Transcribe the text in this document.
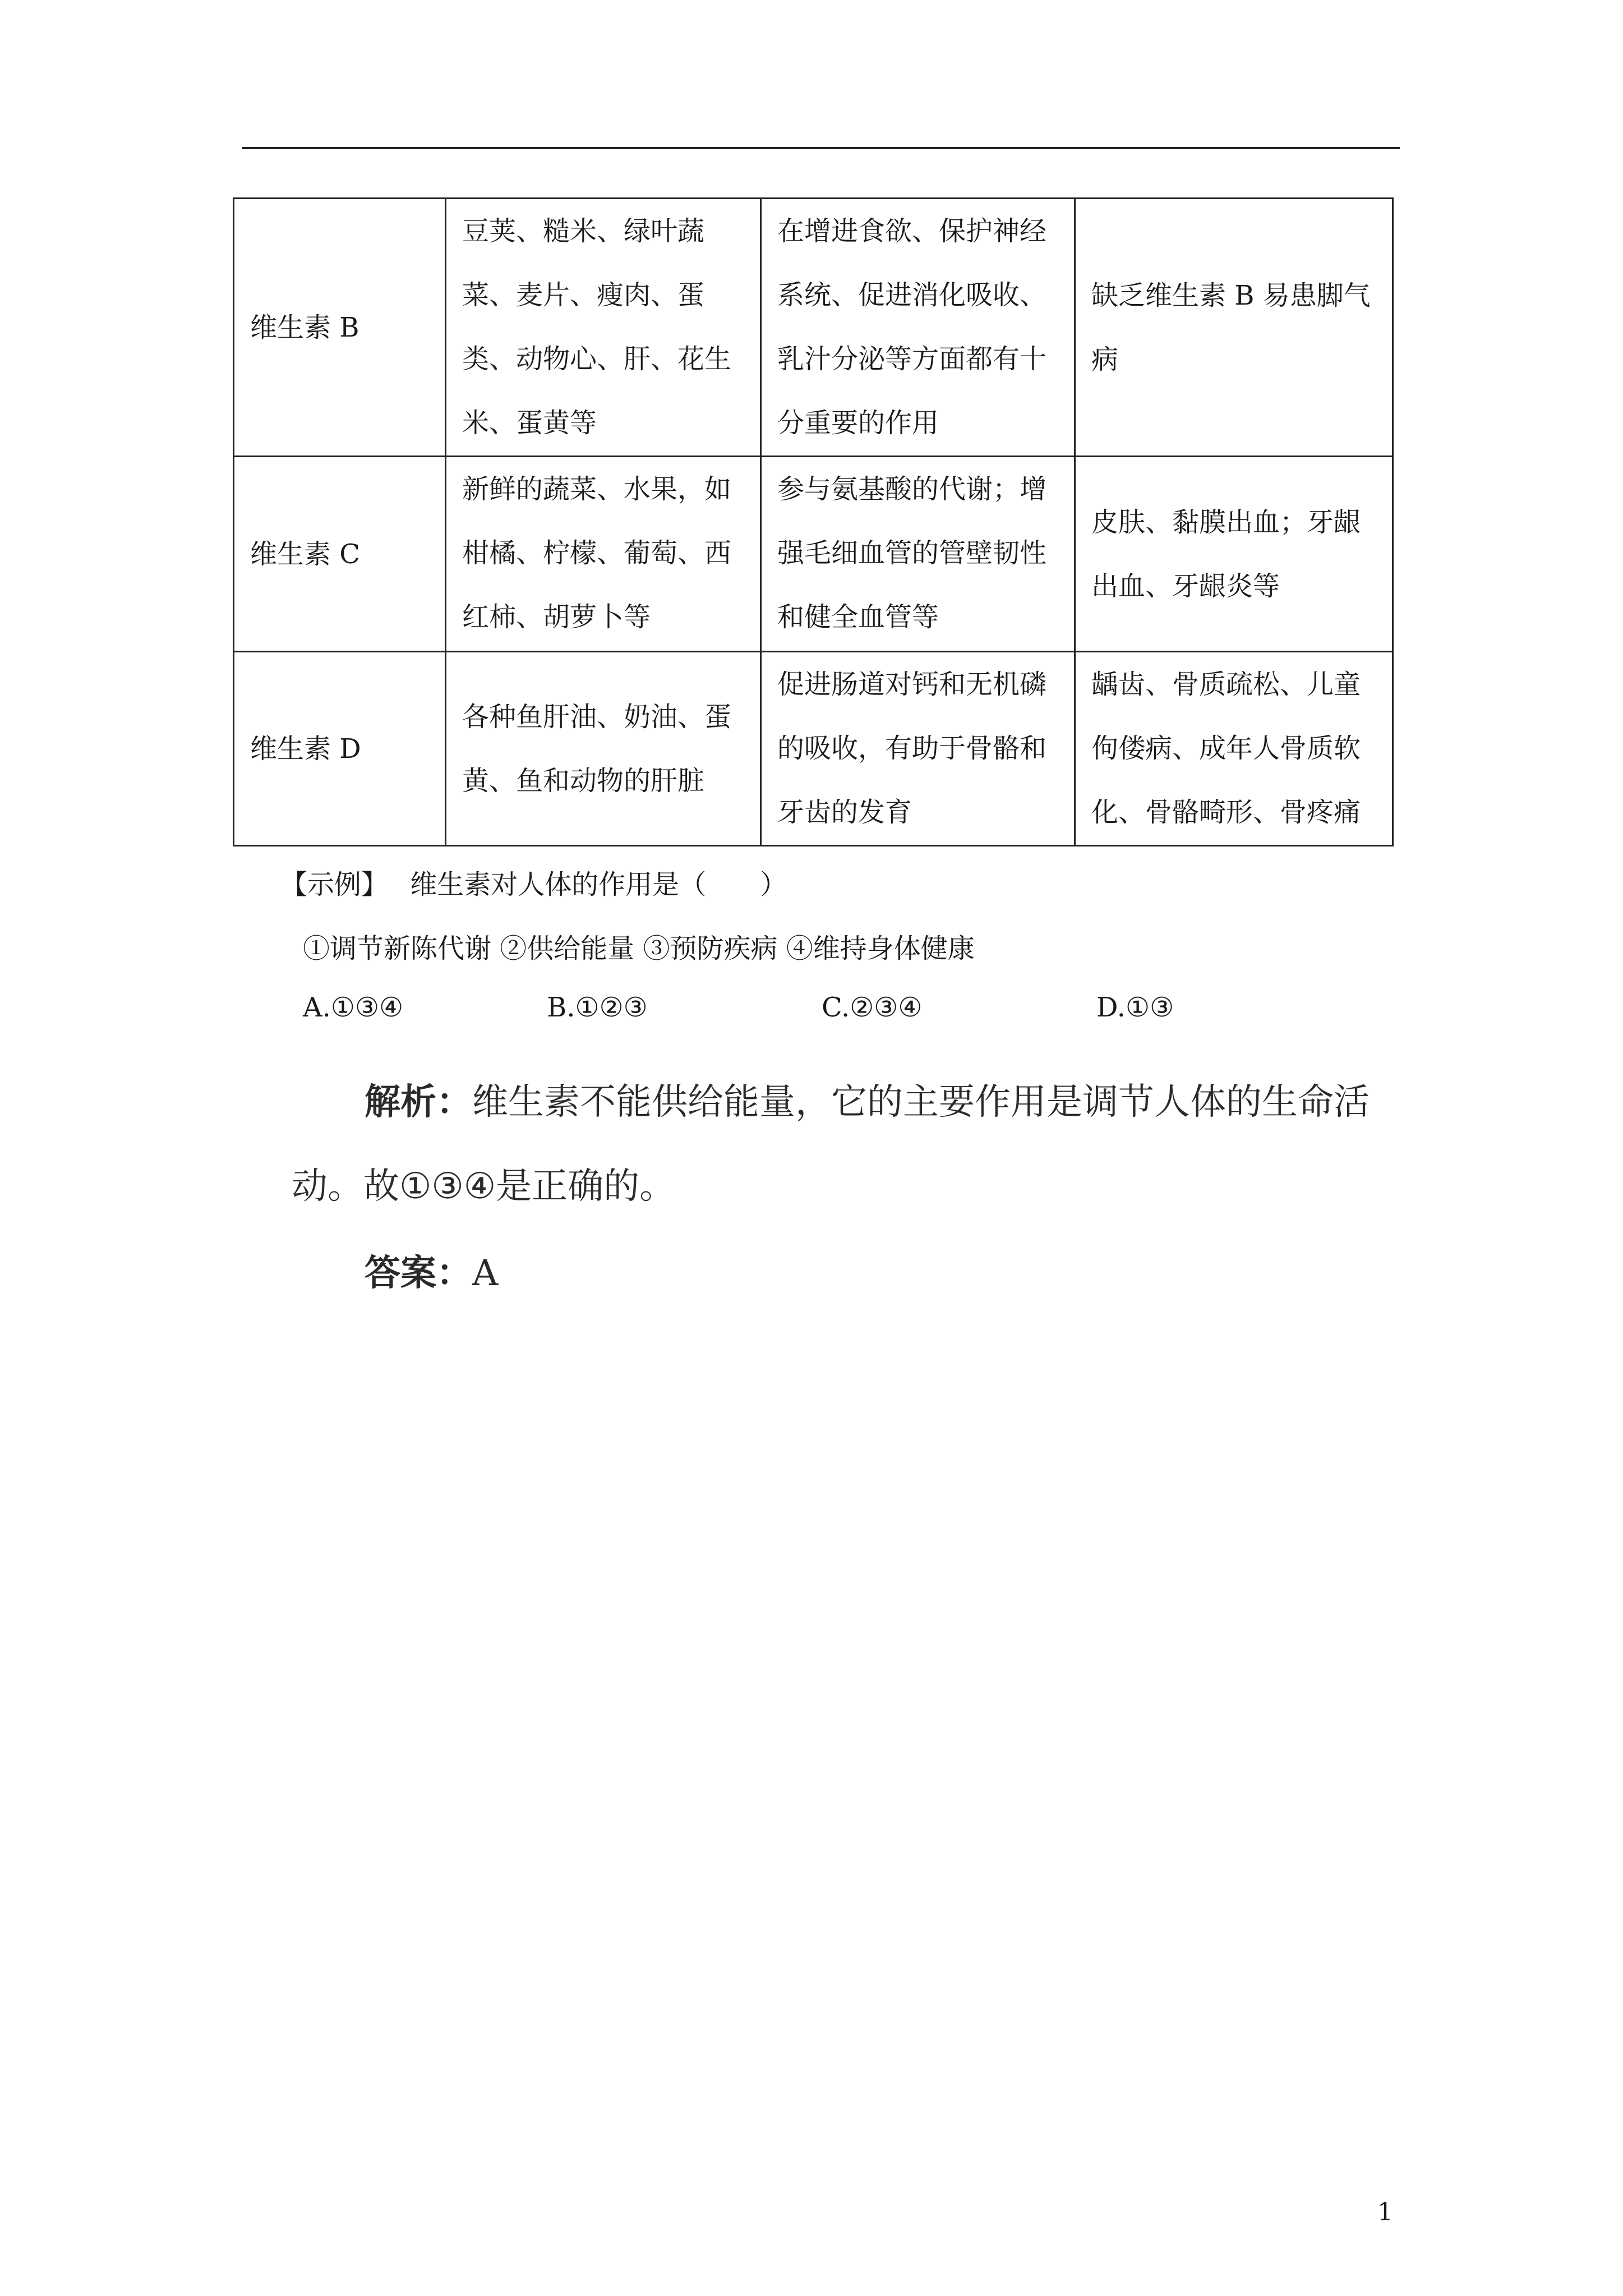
维生素 B	豆荚、糙米、绿叶蔬菜、麦片、瘦肉、蛋类、动物心、肝、花生米、蛋黄等	在增进食欲、保护神经系统、促进消化吸收、乳汁分泌等方面都有十分重要的作用	缺乏维生素 B 易患脚气病
维生素 C	新鲜的蔬菜、水果，如柑橘、柠檬、葡萄、西红柿、胡萝卜等	参与氨基酸的代谢；增强毛细血管的管壁韧性和健全血管等	皮肤、黏膜出血；牙龈出血、牙龈炎等
维生素 D	各种鱼肝油、奶油、蛋黄、鱼和动物的肝脏	促进肠道对钙和无机磷的吸收，有助于骨骼和牙齿的发育	龋齿、骨质疏松、儿童佝偻病、成年人骨质软化、骨骼畸形、骨疼痛
【示例】 维生素对人体的作用是（　　）
①调节新陈代谢 ②供给能量 ③预防疾病 ④维持身体健康
A.①③④	B.①②③	C.②③④	D.①③
解析：维生素不能供给能量，它的主要作用是调节人体的生命活
动。故①③④是正确的。
答案：A
1
